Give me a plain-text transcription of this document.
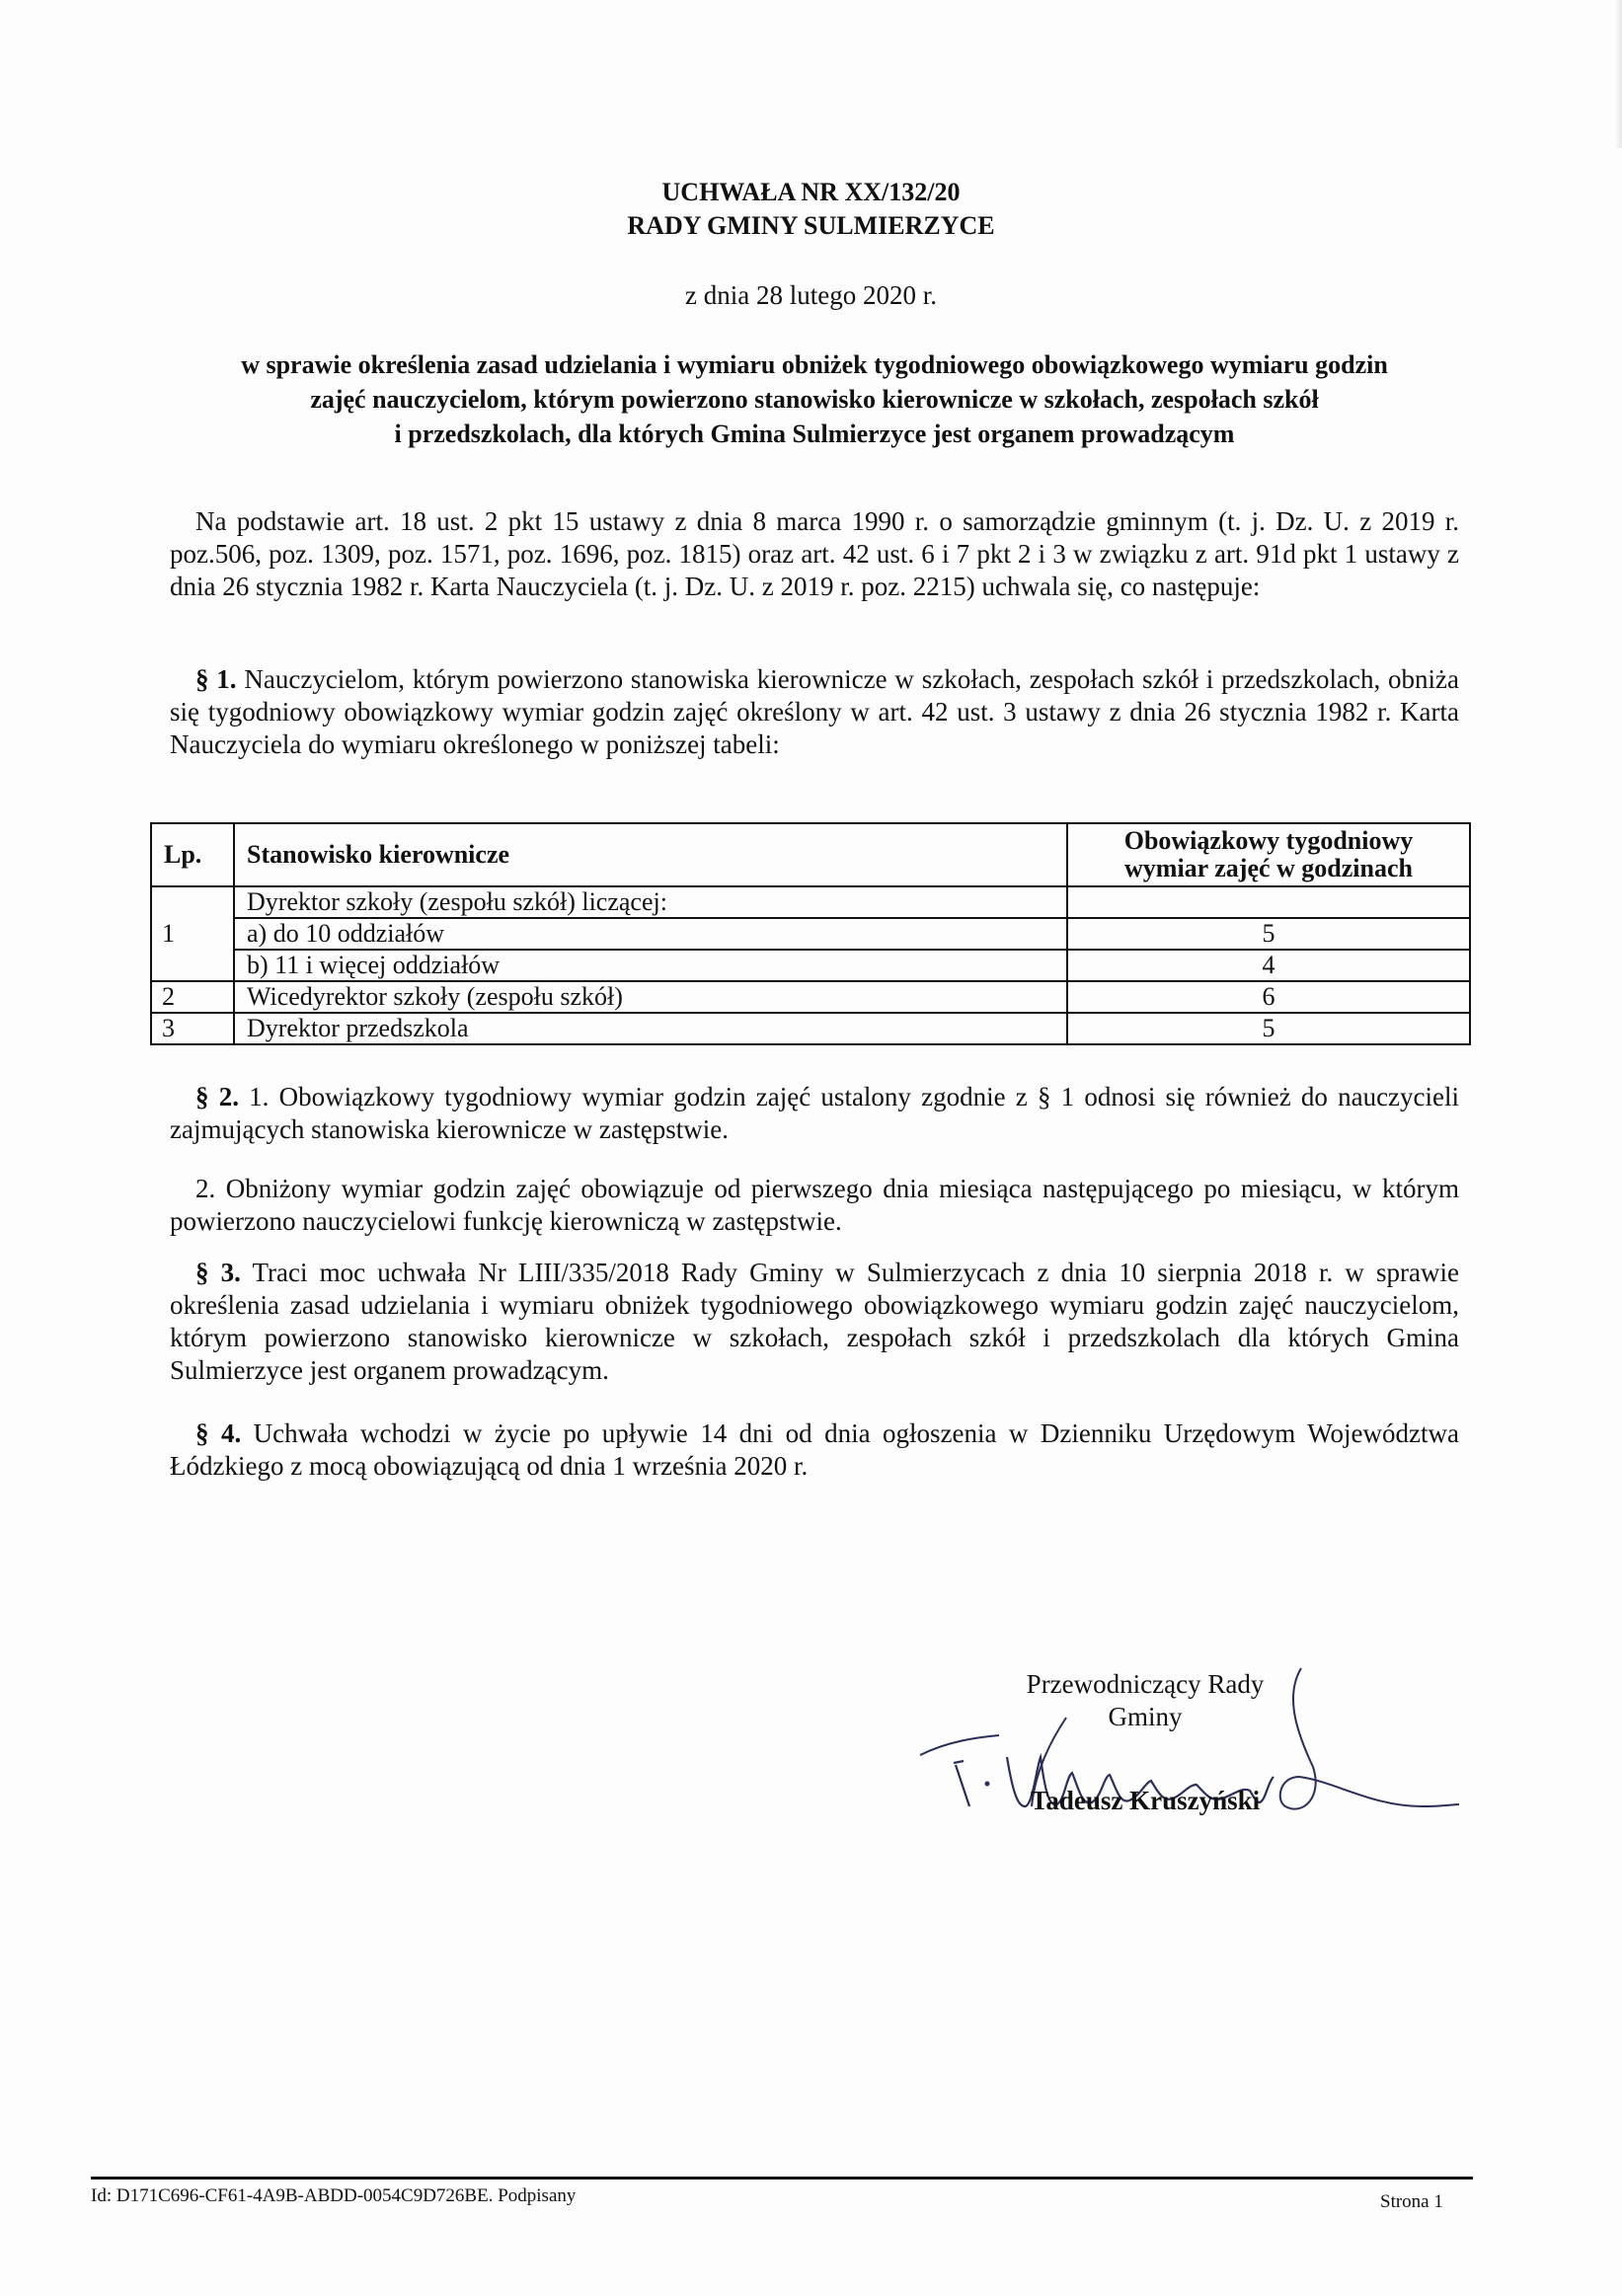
UCHWAŁA NR XX/132/20
RADY GMINY SULMIERZYCE
z dnia 28 lutego 2020 r.
w sprawie określenia zasad udzielania i wymiaru obniżek tygodniowego obowiązkowego wymiaru godzin
zajęć nauczycielom, którym powierzono stanowisko kierownicze w szkołach, zespołach szkół
i przedszkolach, dla których Gmina Sulmierzyce jest organem prowadzącym
Na podstawie art. 18 ust. 2 pkt 15 ustawy z dnia 8 marca 1990 r. o samorządzie gminnym (t. j. Dz. U. z 2019 r. poz.506, poz. 1309, poz. 1571, poz. 1696, poz. 1815) oraz art. 42 ust. 6 i 7 pkt 2 i 3 w związku z art. 91d pkt 1 ustawy z dnia 26 stycznia 1982 r. Karta Nauczyciela (t. j. Dz. U. z 2019 r. poz. 2215) uchwala się, co następuje:
§ 1. Nauczycielom, którym powierzono stanowiska kierownicze w szkołach, zespołach szkół i przedszkolach, obniża się tygodniowy obowiązkowy wymiar godzin zajęć określony w art. 42 ust. 3 ustawy z dnia 26 stycznia 1982 r. Karta Nauczyciela do wymiaru określonego w poniższej tabeli:
Lp.	Stanowisko kierownicze	Obowiązkowy tygodniowy
wymiar zajęć w godzinach

1	Dyrektor szkoły (zespołu szkół) liczącej:	
	a) do 10 oddziałów	5
	b) 11 i więcej oddziałów	4
2	Wicedyrektor szkoły (zespołu szkół)	6
3	Dyrektor przedszkola	5
§ 2. 1. Obowiązkowy tygodniowy wymiar godzin zajęć ustalony zgodnie z § 1 odnosi się również do nauczycieli zajmujących stanowiska kierownicze w zastępstwie.
2. Obniżony wymiar godzin zajęć obowiązuje od pierwszego dnia miesiąca następującego po miesiącu, w którym powierzono nauczycielowi funkcję kierowniczą w zastępstwie.
§ 3. Traci moc uchwała Nr LIII/335/2018 Rady Gminy w Sulmierzycach z dnia 10 sierpnia 2018 r. w sprawie określenia zasad udzielania i wymiaru obniżek tygodniowego obowiązkowego wymiaru godzin zajęć nauczycielom, którym powierzono stanowisko kierownicze w szkołach, zespołach szkół i przedszkolach dla których Gmina Sulmierzyce jest organem prowadzącym.
§ 4. Uchwała wchodzi w życie po upływie 14 dni od dnia ogłoszenia w Dzienniku Urzędowym Województwa Łódzkiego z mocą obowiązującą od dnia 1 września 2020 r.
Przewodniczący Rady
Gminy
Tadeusz Kruszyński
Id: D171C696-CF61-4A9B-ABDD-0054C9D726BE. Podpisany	Strona 1
